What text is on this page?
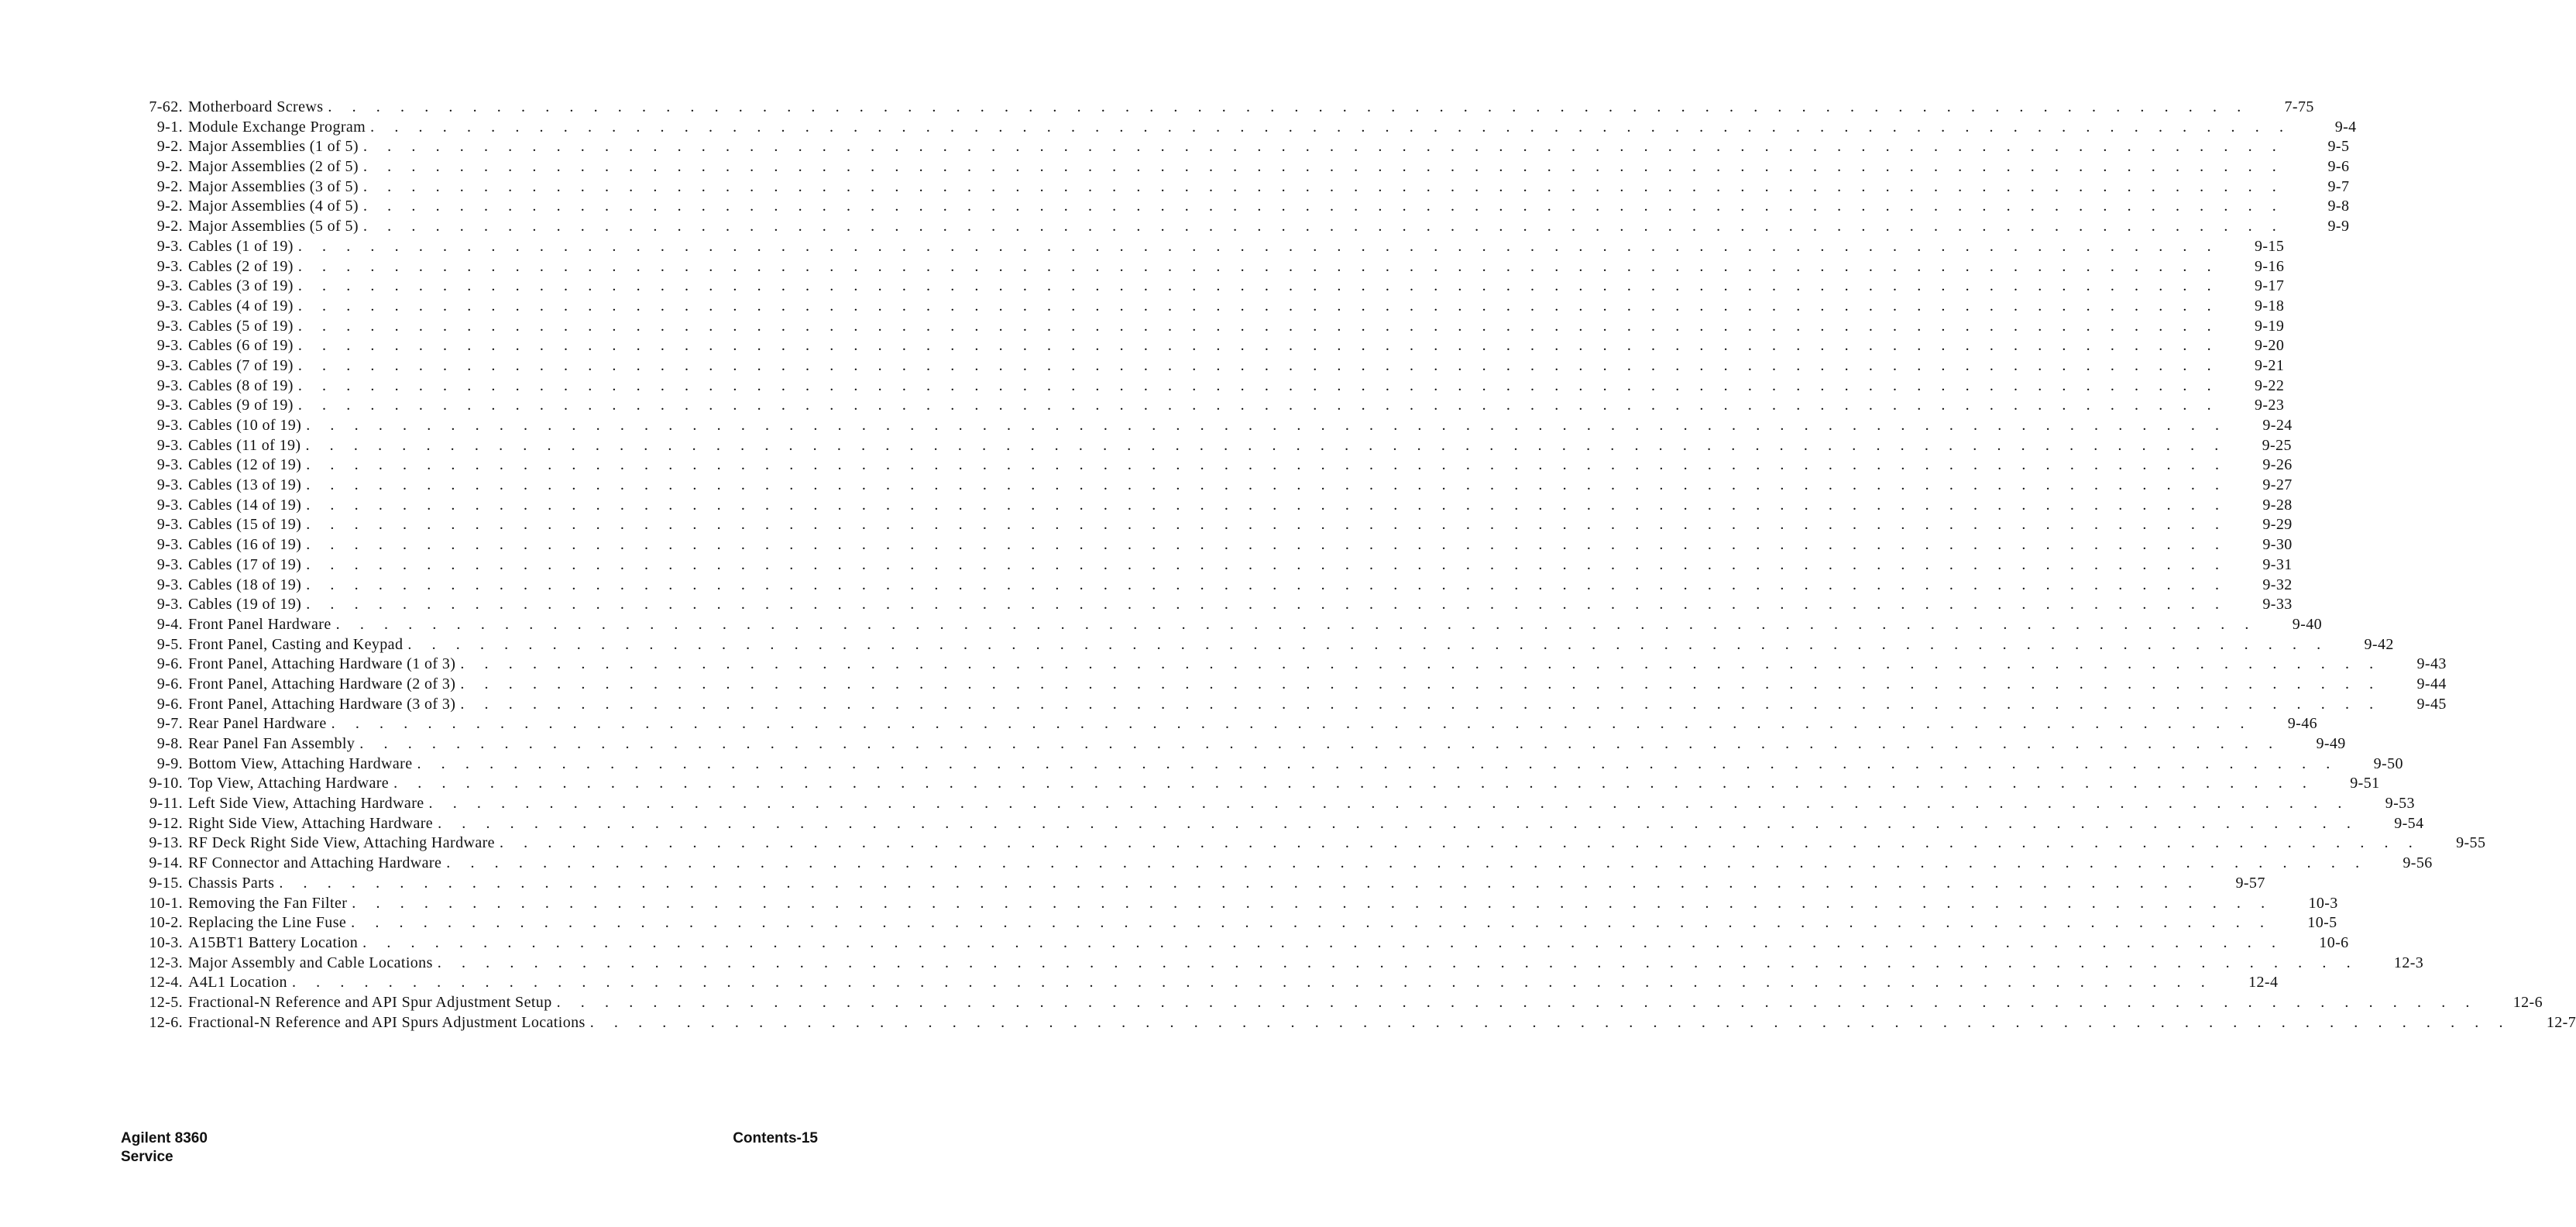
7-62. Motherboard Screws . . . . . . . . . . . . . . . . . . . . . . . . . . . . . . . . . . . . . . . . . . . . . . . . . . . . . . . . . . . . . . . . . . . . . . . . . . . . . . . . 7-75
9-1. Module Exchange Program . . . . . . . . . . . . . . . . . . . . . . . . . . . . . . . . . . . . . . . . . . . . . . . . . . . . . . . . . . . . . . . . . . . . . . . . . . . . . . . .	9-4
9-2. Major Assemblies (1 of 5) . . . . . . . . . . . . . . . . . . . . . . . . . . . . . . . . . . . . . . . . . . . . . . . . . . . . . . . . . . . . . . . . . . . . . . . . . . . . . . . .	9-5
9-2. Major Assemblies (2 of 5) . . . . . . . . . . . . . . . . . . . . . . . . . . . . . . . . . . . . . . . . . . . . . . . . . . . . . . . . . . . . . . . . . . . . . . . . . . . . . . . .	9-6
9-2. Major Assemblies (3 of 5) . . . . . . . . . . . . . . . . . . . . . . . . . . . . . . . . . . . . . . . . . . . . . . . . . . . . . . . . . . . . . . . . . . . . . . . . . . . . . . . .	9-7
9-2. Major Assemblies (4 of 5) . . . . . . . . . . . . . . . . . . . . . . . . . . . . . . . . . . . . . . . . . . . . . . . . . . . . . . . . . . . . . . . . . . . . . . . . . . . . . . . .	9-8
9-2. Major Assemblies (5 of 5) . . . . . . . . . . . . . . . . . . . . . . . . . . . . . . . . . . . . . . . . . . . . . . . . . . . . . . . . . . . . . . . . . . . . . . . . . . . . . . . .	9-9
9-3. Cables (1 of 19) . . . . . . . . . . . . . . . . . . . . . . . . . . . . . . . . . . . . . . . . . . . . . . . . . . . . . . . . . . . . . . . . . . . . . . . . . . . . . . . . 9-15
9-3. Cables (2 of 19) . . . . . . . . . . . . . . . . . . . . . . . . . . . . . . . . . . . . . . . . . . . . . . . . . . . . . . . . . . . . . . . . . . . . . . . . . . . . . . . . 9-16
9-3. Cables (3 of 19) . . . . . . . . . . . . . . . . . . . . . . . . . . . . . . . . . . . . . . . . . . . . . . . . . . . . . . . . . . . . . . . . . . . . . . . . . . . . . . . . 9-17
9-3. Cables (4 of 19) . . . . . . . . . . . . . . . . . . . . . . . . . . . . . . . . . . . . . . . . . . . . . . . . . . . . . . . . . . . . . . . . . . . . . . . . . . . . . . . . 9-18
9-3. Cables (5 of 19) . . . . . . . . . . . . . . . . . . . . . . . . . . . . . . . . . . . . . . . . . . . . . . . . . . . . . . . . . . . . . . . . . . . . . . . . . . . . . . . . 9-19
9-3. Cables (6 of 19) . . . . . . . . . . . . . . . . . . . . . . . . . . . . . . . . . . . . . . . . . . . . . . . . . . . . . . . . . . . . . . . . . . . . . . . . . . . . . . . . 9-20
9-3. Cables (7 of 19) . . . . . . . . . . . . . . . . . . . . . . . . . . . . . . . . . . . . . . . . . . . . . . . . . . . . . . . . . . . . . . . . . . . . . . . . . . . . . . . . 9-21
9-3. Cables (8 of 19) . . . . . . . . . . . . . . . . . . . . . . . . . . . . . . . . . . . . . . . . . . . . . . . . . . . . . . . . . . . . . . . . . . . . . . . . . . . . . . . . 9-22
9-3. Cables (9 of 19) . . . . . . . . . . . . . . . . . . . . . . . . . . . . . . . . . . . . . . . . . . . . . . . . . . . . . . . . . . . . . . . . . . . . . . . . . . . . . . . . 9-23
9-3. Cables (10 of 19) . . . . . . . . . . . . . . . . . . . . . . . . . . . . . . . . . . . . . . . . . . . . . . . . . . . . . . . . . . . . . . . . . . . . . . . . . . . . . . . . 9-24
9-3. Cables (11 of 19) . . . . . . . . . . . . . . . . . . . . . . . . . . . . . . . . . . . . . . . . . . . . . . . . . . . . . . . . . . . . . . . . . . . . . . . . . . . . . . . . 9-25
9-3. Cables (12 of 19) . . . . . . . . . . . . . . . . . . . . . . . . . . . . . . . . . . . . . . . . . . . . . . . . . . . . . . . . . . . . . . . . . . . . . . . . . . . . . . . . 9-26
9-3. Cables (13 of 19) . . . . . . . . . . . . . . . . . . . . . . . . . . . . . . . . . . . . . . . . . . . . . . . . . . . . . . . . . . . . . . . . . . . . . . . . . . . . . . . . 9-27
9-3. Cables (14 of 19) . . . . . . . . . . . . . . . . . . . . . . . . . . . . . . . . . . . . . . . . . . . . . . . . . . . . . . . . . . . . . . . . . . . . . . . . . . . . . . . . 9-28
9-3. Cables (15 of 19) . . . . . . . . . . . . . . . . . . . . . . . . . . . . . . . . . . . . . . . . . . . . . . . . . . . . . . . . . . . . . . . . . . . . . . . . . . . . . . . . 9-29
9-3. Cables (16 of 19) . . . . . . . . . . . . . . . . . . . . . . . . . . . . . . . . . . . . . . . . . . . . . . . . . . . . . . . . . . . . . . . . . . . . . . . . . . . . . . . . 9-30
9-3. Cables (17 of 19) . . . . . . . . . . . . . . . . . . . . . . . . . . . . . . . . . . . . . . . . . . . . . . . . . . . . . . . . . . . . . . . . . . . . . . . . . . . . . . . . 9-31
9-3. Cables (18 of 19) . . . . . . . . . . . . . . . . . . . . . . . . . . . . . . . . . . . . . . . . . . . . . . . . . . . . . . . . . . . . . . . . . . . . . . . . . . . . . . . . 9-32
9-3. Cables (19 of 19) . . . . . . . . . . . . . . . . . . . . . . . . . . . . . . . . . . . . . . . . . . . . . . . . . . . . . . . . . . . . . . . . . . . . . . . . . . . . . . . . 9-33
9-4. Front Panel Hardware . . . . . . . . . . . . . . . . . . . . . . . . . . . . . . . . . . . . . . . . . . . . . . . . . . . . . . . . . . . . . . . . . . . . . . . . . . . . . . . . 9-40
9-5. Front Panel, Casting and Keypad . . . . . . . . . . . . . . . . . . . . . . . . . . . . . . . . . . . . . . . . . . . . . . . . . . . . . . . . . . . . . . . . . . . . . . . . . . . . . . . . 9-42
9-6. Front Panel, Attaching Hardware (1 of 3) . . . . . . . . . . . . . . . . . . . . . . . . . . . . . . . . . . . . . . . . . . . . . . . . . . . . . . . . . . . . . . . . . . . . . . . . . . . . . . . . 9-43
9-6. Front Panel, Attaching Hardware (2 of 3) . . . . . . . . . . . . . . . . . . . . . . . . . . . . . . . . . . . . . . . . . . . . . . . . . . . . . . . . . . . . . . . . . . . . . . . . . . . . . . . . 9-44
9-6. Front Panel, Attaching Hardware (3 of 3) . . . . . . . . . . . . . . . . . . . . . . . . . . . . . . . . . . . . . . . . . . . . . . . . . . . . . . . . . . . . . . . . . . . . . . . . . . . . . . . . 9-45
9-7. Rear Panel Hardware . . . . . . . . . . . . . . . . . . . . . . . . . . . . . . . . . . . . . . . . . . . . . . . . . . . . . . . . . . . . . . . . . . . . . . . . . . . . . . . . 9-46
9-8. Rear Panel Fan Assembly . . . . . . . . . . . . . . . . . . . . . . . . . . . . . . . . . . . . . . . . . . . . . . . . . . . . . . . . . . . . . . . . . . . . . . . . . . . . . . . . 9-49
9-9. Bottom View, Attaching Hardware . . . . . . . . . . . . . . . . . . . . . . . . . . . . . . . . . . . . . . . . . . . . . . . . . . . . . . . . . . . . . . . . . . . . . . . . . . . . . . . . 9-50
9-10. Top View, Attaching Hardware . . . . . . . . . . . . . . . . . . . . . . . . . . . . . . . . . . . . . . . . . . . . . . . . . . . . . . . . . . . . . . . . . . . . . . . . . . . . . . . . 9-51
9-11. Left Side View, Attaching Hardware . . . . . . . . . . . . . . . . . . . . . . . . . . . . . . . . . . . . . . . . . . . . . . . . . . . . . . . . . . . . . . . . . . . . . . . . . . . . . . . . 9-53
9-12. Right Side View, Attaching Hardware . . . . . . . . . . . . . . . . . . . . . . . . . . . . . . . . . . . . . . . . . . . . . . . . . . . . . . . . . . . . . . . . . . . . . . . . . . . . . . . . 9-54
9-13. RF Deck Right Side View, Attaching Hardware . . . . . . . . . . . . . . . . . . . . . . . . . . . . . . . . . . . . . . . . . . . . . . . . . . . . . . . . . . . . . . . . . . . . . . . . . . . . . . . . 9-55
9-14. RF Connector and Attaching Hardware . . . . . . . . . . . . . . . . . . . . . . . . . . . . . . . . . . . . . . . . . . . . . . . . . . . . . . . . . . . . . . . . . . . . . . . . . . . . . . . . 9-56
9-15. Chassis Parts . . . . . . . . . . . . . . . . . . . . . . . . . . . . . . . . . . . . . . . . . . . . . . . . . . . . . . . . . . . . . . . . . . . . . . . . . . . . . . . . 9-57
10-1. Removing the Fan Filter . . . . . . . . . . . . . . . . . . . . . . . . . . . . . . . . . . . . . . . . . . . . . . . . . . . . . . . . . . . . . . . . . . . . . . . . . . . . . . . . 10-3
10-2. Replacing the Line Fuse . . . . . . . . . . . . . . . . . . . . . . . . . . . . . . . . . . . . . . . . . . . . . . . . . . . . . . . . . . . . . . . . . . . . . . . . . . . . . . . . 10-5
10-3. A15BT1 Battery Location . . . . . . . . . . . . . . . . . . . . . . . . . . . . . . . . . . . . . . . . . . . . . . . . . . . . . . . . . . . . . . . . . . . . . . . . . . . . . . . . 10-6
12-3. Major Assembly and Cable Locations . . . . . . . . . . . . . . . . . . . . . . . . . . . . . . . . . . . . . . . . . . . . . . . . . . . . . . . . . . . . . . . . . . . . . . . . . . . . . . . . 12-3
12-4. A4L1 Location . . . . . . . . . . . . . . . . . . . . . . . . . . . . . . . . . . . . . . . . . . . . . . . . . . . . . . . . . . . . . . . . . . . . . . . . . . . . . . . . 12-4
12-5. Fractional-N Reference and API Spur Adjustment Setup . . . . . . . . . . . . . . . . . . . . . . . . . . . . . . . . . . . . . . . . . . . . . . . . . . . . . . . . . . . . . . . . . . . . . . . . . . . . . . . . 12-6
12-6. Fractional-N Reference and API Spurs Adjustment Locations . . . . . . . . . . . . . . . . . . . . . . . . . . . . . . . . . . . . . . . . . . . . . . . . . . . . . . . . . . . . . . . . . . . . . . . . . . . . . . . . 12-7
Agilent 8360
Service
Contents-15
